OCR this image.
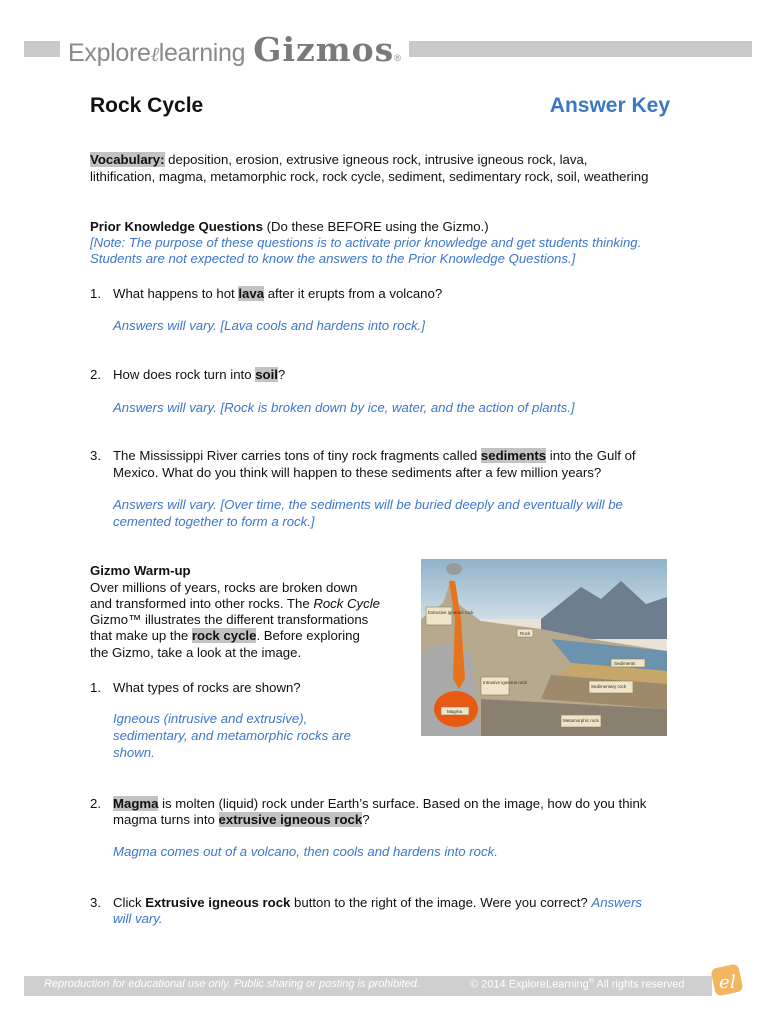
Explore ℓ learning Gizmos ®
Rock Cycle	Answer Key
Vocabulary: deposition, erosion, extrusive igneous rock, intrusive igneous rock, lava,
lithification, magma, metamorphic rock, rock cycle, sediment, sedimentary rock, soil, weathering
Prior Knowledge Questions (Do these BEFORE using the Gizmo.)
[Note: The purpose of these questions is to activate prior knowledge and get students thinking.
Students are not expected to know the answers to the Prior Knowledge Questions.]
1. What happens to hot lava after it erupts from a volcano?
Answers will vary. [Lava cools and hardens into rock.]
2. How does rock turn into soil?
Answers will vary. [Rock is broken down by ice, water, and the action of plants.]
3. The Mississippi River carries tons of tiny rock fragments called sediments into the Gulf of
Mexico. What do you think will happen to these sediments after a few million years?
Answers will vary. [Over time, the sediments will be buried deeply and eventually will be
cemented together to form a rock.]
Gizmo Warm-up
Over millions of years, rocks are broken down
and transformed into other rocks. The Rock Cycle
Gizmo™ illustrates the different transformations
that make up the rock cycle. Before exploring
the Gizmo, take a look at the image.
1. What types of rocks are shown?
Igneous (intrusive and extrusive),
sedimentary, and metamorphic rocks are
shown.
Extrusive igneous rock
Rock
Sediments
Sedimentary rock
Intrusive igneous rock
Magma
Metamorphic rock
2. Magma is molten (liquid) rock under Earth’s surface. Based on the image, how do you think
magma turns into extrusive igneous rock?
Magma comes out of a volcano, then cools and hardens into rock.
3. Click Extrusive igneous rock button to the right of the image. Were you correct? Answers
will vary.
Reproduction for educational use only. Public sharing or posting is prohibited.	© 2014 ExploreLearning® All rights reserved e l
